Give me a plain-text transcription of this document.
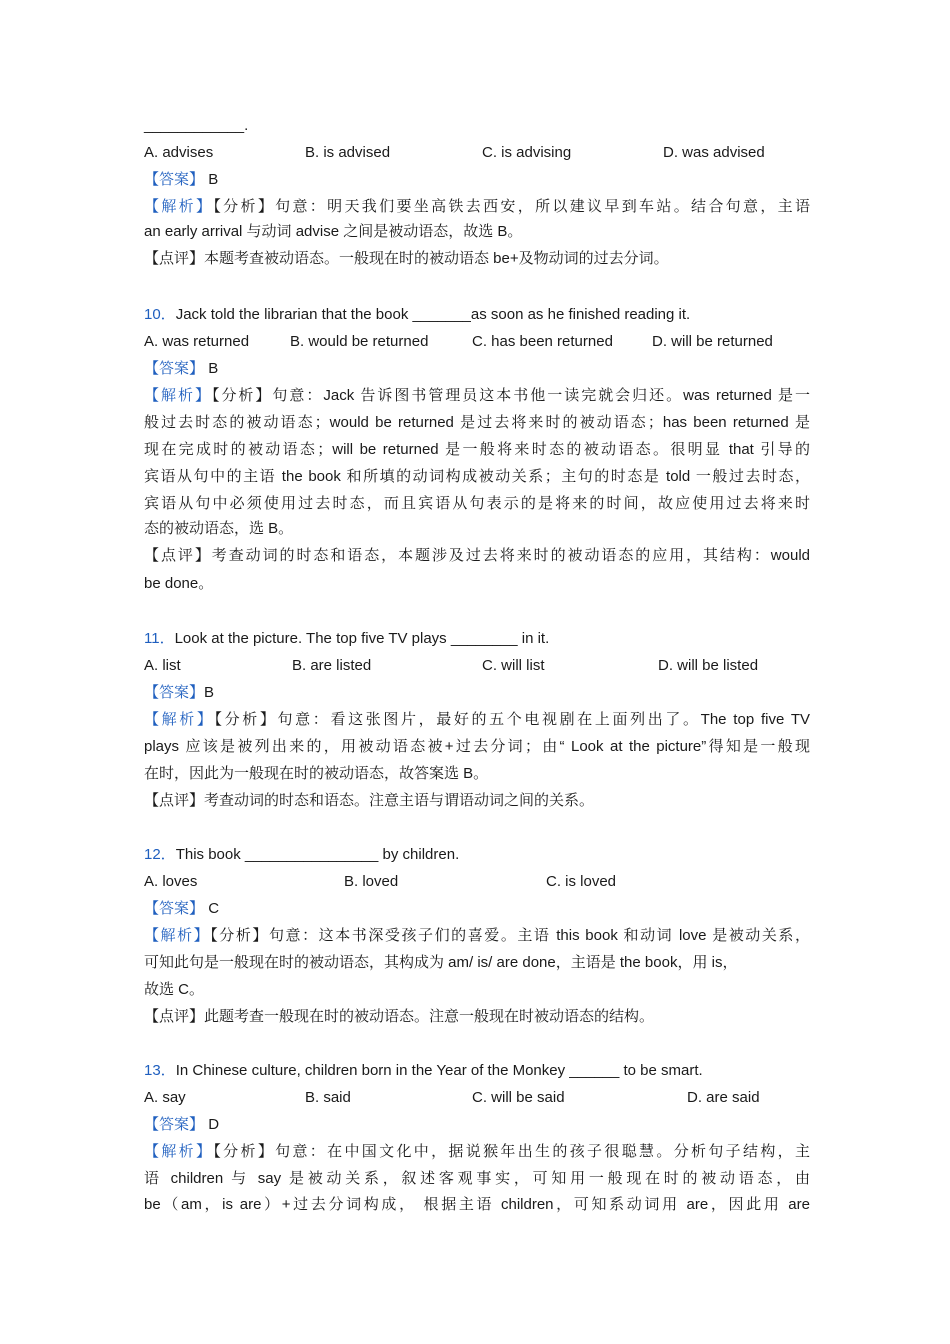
____________.
A. advises	B. is advised	C. is advising	D. was advised
【答案】 B
【解析】【分析】句意：明天我们要坐高铁去西安，所以建议早到车站。结合句意，主语
an early arrival 与动词 advise 之间是被动语态，故选 B。
【点评】本题考查被动语态。一般现在时的被动语态 be+及物动词的过去分词。
10．Jack told the librarian that the book _______as soon as he finished reading it.
A. was returned	B. would be returned	C. has been returned	D. will be returned
【答案】 B
【解析】【分析】句意：Jack 告诉图书管理员这本书他一读完就会归还。was returned 是一
般过去时态的被动语态；would be returned 是过去将来时的被动语态；has been returned 是
现在完成时的被动语态；will be returned 是一般将来时态的被动语态。很明显 that 引导的
宾语从句中的主语 the book 和所填的动词构成被动关系；主句的时态是 told 一般过去时态，
宾语从句中必须使用过去时态，而且宾语从句表示的是将来的时间，故应使用过去将来时
态的被动语态，选 B。
【点评】考查动词的时态和语态，本题涉及过去将来时的被动语态的应用，其结构：would
be done。
11．Look at the picture. The top five TV plays ________ in it.
A. list	B. are listed	C. will list	D. will be listed
【答案】B
【解析】【分析】句意：看这张图片，最好的五个电视剧在上面列出了。The top five TV
plays 应该是被列出来的，用被动语态被+过去分词；由“ Look at the picture”得知是一般现
在时，因此为一般现在时的被动语态，故答案选 B。
【点评】考查动词的时态和语态。注意主语与谓语动词之间的关系。
12．This book ________________ by children.
A. loves	B. loved	C. is loved
【答案】 C
【解析】【分析】句意：这本书深受孩子们的喜爱。主语 this book 和动词 love 是被动关系，
可知此句是一般现在时的被动语态，其构成为 am/ is/ are done，主语是 the book，用 is，
故选 C。
【点评】此题考查一般现在时的被动语态。注意一般现在时被动语态的结构。
13．In Chinese culture, children born in the Year of the Monkey ______ to be smart.
A. say	B. said	C. will be said	D. are said
【答案】 D
【解析】【分析】句意：在中国文化中，据说猴年出生的孩子很聪慧。分析句子结构，主
语 children 与 say 是被动关系，叙述客观事实，可知用一般现在时的被动语态，由
be（am，is are）+过去分词构成， 根据主语 children，可知系动词用 are，因此用 are
